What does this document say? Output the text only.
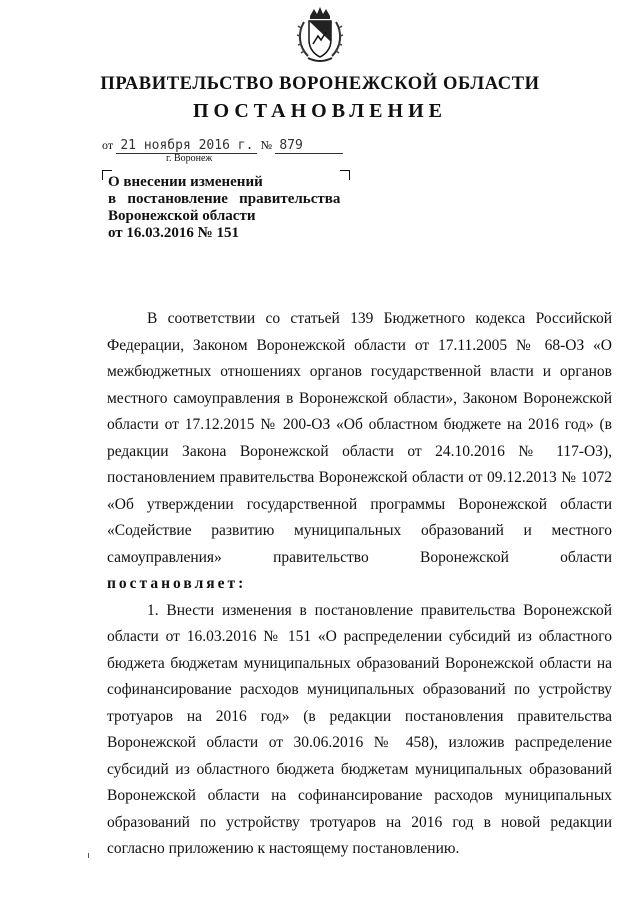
ПРАВИТЕЛЬСТВО ВОРОНЕЖСКОЙ ОБЛАСТИ
ПОСТАНОВЛЕНИЕ
от 21 ноября 2016 г. № 879
г. Воронеж
О внесении изменений
в   постановление   правительства
Воронежской области
от 16.03.2016 № 151

В соответствии со статьей 139 Бюджетного кодекса Российской Федерации, Законом Воронежской области от 17.11.2005 № 68-ОЗ «О межбюджетных отношениях органов государственной власти и органов местного самоуправления в Воронежской области», Законом Воронежской области от 17.12.2015 № 200-ОЗ «Об областном бюджете на 2016 год» (в редакции Закона Воронежской области от 24.10.2016 № 117-ОЗ), постановлением правительства Воронежской области от 09.12.2013 № 1072 «Об утверждении государственной программы Воронежской области «Содействие развитию муниципальных образований и местного самоуправления» правительство Воронежской области постановляет:

1. Внести изменения в постановление правительства Воронежской области от 16.03.2016 № 151 «О распределении субсидий из областного бюджета бюджетам муниципальных образований Воронежской области на софинансирование расходов муниципальных образований по устройству тротуаров на 2016 год» (в редакции постановления правительства Воронежской области от 30.06.2016 № 458), изложив распределение субсидий из областного бюджета бюджетам муниципальных образований Воронежской области на софинансирование расходов муниципальных образований по устройству тротуаров на 2016 год в новой редакции согласно приложению к настоящему постановлению.
